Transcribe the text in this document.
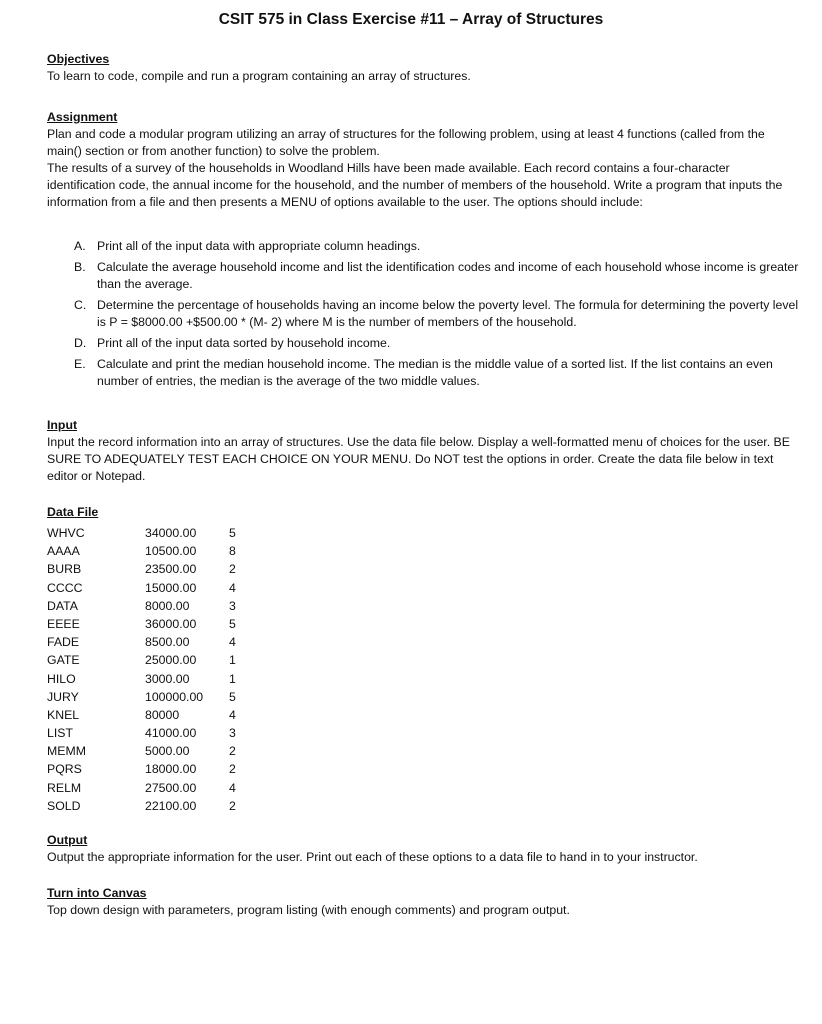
CSIT 575 in Class Exercise #11 – Array of Structures
Objectives
To learn to code, compile and run a program containing an array of structures.
Assignment
Plan and code a modular program utilizing an array of structures for the following problem, using at least 4 functions (called from the main() section or from another function) to solve the problem.
The results of a survey of the households in Woodland Hills have been made available. Each record contains a four-character identification code, the annual income for the household, and the number of members of the household. Write a program that inputs the information from a file and then presents a MENU of options available to the user. The options should include:
A. Print all of the input data with appropriate column headings.
B. Calculate the average household income and list the identification codes and income of each household whose income is greater than the average.
C. Determine the percentage of households having an income below the poverty level. The formula for determining the poverty level is P = $8000.00 +$500.00 * (M- 2) where M is the number of members of the household.
D. Print all of the input data sorted by household income.
E. Calculate and print the median household income. The median is the middle value of a sorted list. If the list contains an even number of entries, the median is the average of the two middle values.
Input
Input the record information into an array of structures. Use the data file below. Display a well-formatted menu of choices for the user. BE SURE TO ADEQUATELY TEST EACH CHOICE ON YOUR MENU. Do NOT test the options in order. Create the data file below in text editor or Notepad.
Data File
WHVC	34000.00	5
AAAA	10500.00	8
BURB	23500.00	2
CCCC	15000.00	4
DATA	8000.00	3
EEEE	36000.00	5
FADE	8500.00	4
GATE	25000.00	1
HILO	3000.00	1
JURY	100000.00	5
KNEL	80000	4
LIST	41000.00	3
MEMM	5000.00	2
PQRS	18000.00	2
RELM	27500.00	4
SOLD	22100.00	2
Output
Output the appropriate information for the user. Print out each of these options to a data file to hand in to your instructor.
Turn into Canvas
Top down design with parameters, program listing (with enough comments) and program output.
